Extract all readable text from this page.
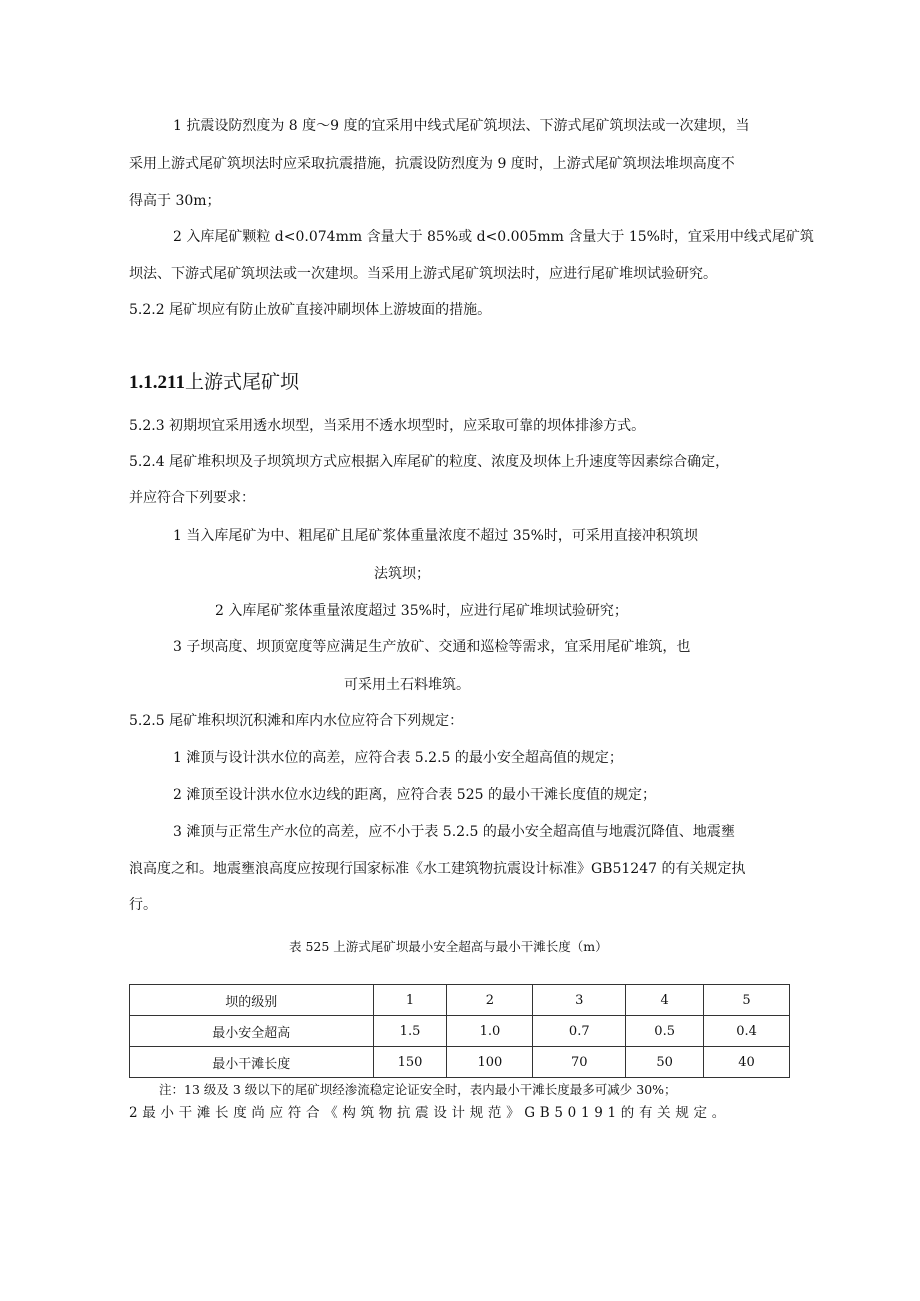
1 抗震设防烈度为 8 度～9 度的宜采用中线式尾矿筑坝法、下游式尾矿筑坝法或一次建坝，当
采用上游式尾矿筑坝法时应采取抗震措施，抗震设防烈度为 9 度时，上游式尾矿筑坝法堆坝高度不
得高于 30m；
2 入库尾矿颗粒 d<0.074mm 含量大于 85%或 d<0.005mm 含量大于 15%时，宜采用中线式尾矿筑
坝法、下游式尾矿筑坝法或一次建坝。当采用上游式尾矿筑坝法时，应进行尾矿堆坝试验研究。
5.2.2 尾矿坝应有防止放矿直接冲刷坝体上游坡面的措施。
1.1.211上游式尾矿坝
5.2.3 初期坝宜采用透水坝型，当采用不透水坝型时，应采取可靠的坝体排渗方式。
5.2.4 尾矿堆积坝及子坝筑坝方式应根据入库尾矿的粒度、浓度及坝体上升速度等因素综合确定，
并应符合下列要求：
1 当入库尾矿为中、粗尾矿且尾矿浆体重量浓度不超过 35%时，可采用直接冲积筑坝
法筑坝；
2 入库尾矿浆体重量浓度超过 35%时，应进行尾矿堆坝试验研究；
3 子坝高度、坝顶宽度等应满足生产放矿、交通和巡检等需求，宜采用尾矿堆筑，也
可采用土石料堆筑。
5.2.5 尾矿堆积坝沉积滩和库内水位应符合下列规定：
1 滩顶与设计洪水位的高差，应符合表 5.2.5 的最小安全超高值的规定；
2 滩顶至设计洪水位水边线的距离，应符合表 525 的最小干滩长度值的规定；
3 滩顶与正常生产水位的高差，应不小于表 5.2.5 的最小安全超高值与地震沉降值、地震壅
浪高度之和。地震壅浪高度应按现行国家标准《水工建筑物抗震设计标准》GB51247 的有关规定执
行。
表 525 上游式尾矿坝最小安全超高与最小干滩长度（m）
坝的级别	1	2	3	4	5
最小安全超高	1.5	1.0	0.7	0.5	0.4
最小干滩长度	150	100	70	50	40
注：13 级及 3 级以下的尾矿坝经渗流稳定论证安全时，表内最小干滩长度最多可减少 30%；
2 最 小 干 滩 长 度 尚 应 符 合 《 构 筑 物 抗 震 设 计 规 范 》 G B 5 0 1 9 1 的 有 关 规 定 。
